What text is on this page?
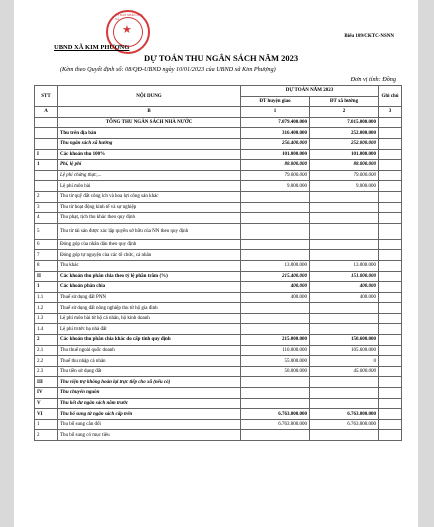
Biểu 109/CKTC-NSNN
ỦY BAN NHÂN DÂN XÃ
★
UBND XÃ KIM PHƯỢNG
DỰ TOÁN THU NGÂN SÁCH NĂM 2023
(Kèm theo Quyết định số: 08/QĐ-UBND ngày 10/01/2023 của UBND xã Kim Phượng)
Đơn vị tính: Đồng
STT	NỘI DUNG	DỰ TOÁN NĂM 2023		Ghi chú
		ĐT huyện giao	ĐT xã hướng	
A	B	1	2	3
	TỔNG THU NGÂN SÁCH NHÀ NƯỚC	7.079.400.000	7.015.000.000	
	Thu trên địa bàn	316.400.000	252.000.000	
	Thu ngân sách xã hưởng	256.400.000	252.000.000	
I	Các khoản thu 100%	101.000.000	101.000.000	
1	Phí, lệ phí	88.000.000	88.000.000	
	Lệ phí chứng thực,...	79.000.000	79.000.000	
	Lệ phí môn bài	9.000.000	9.000.000	
2	Thu từ quỹ đất công ích và hoa lợi công sản khác			
3	Thu từ hoạt động kinh tế và sự nghiệp			
4	Thu phạt, tịch thu khác theo quy định			
5	Thu từ tài sản được xác lập quyền sở hữu của NN theo quy định			
6	Đóng góp của nhân dân theo quy định			
7	Đóng góp tự nguyện của các tổ chức, cá nhân			
8	Thu khác	13.000.000	13.000.000	
II	Các khoản thu phân chia theo tỷ lệ phần trăm (%)	215.400.000	151.000.000	
1	Các khoản phân chia	400.000	400.000	
1.1	Thuế sử dụng đất PNN	400.000	400.000	
1.2	Thuế sử dụng đất nông nghiệp thu từ hộ gia đình			
1.3	Lệ phí môn bài từ hộ cá nhân, hộ kinh doanh			
1.4	Lệ phí trước bạ nhà đất			
2	Các khoản thu phân chia khác do cấp tỉnh quy định	215.000.000	150.600.000	
2.1	Thu thuế ngoài quốc doanh	110.000.000	105.600.000	
2.2	Thuế thu nhập cá nhân	55.000.000	0	
2.3	Thu tiền sử dụng đất	50.000.000	45.000.000	
III	Thu viện trợ không hoàn lại trực tiếp cho xã (nếu có)			
IV	Thu chuyển nguồn			
V	Thu kết dư ngân sách năm trước			
VI	Thu bổ sung từ ngân sách cấp trên	6.763.000.000	6.763.000.000	
1	Thu bổ sung cân đối	6.763.000.000	6.763.000.000	
2	Thu bổ sung có mục tiêu			
